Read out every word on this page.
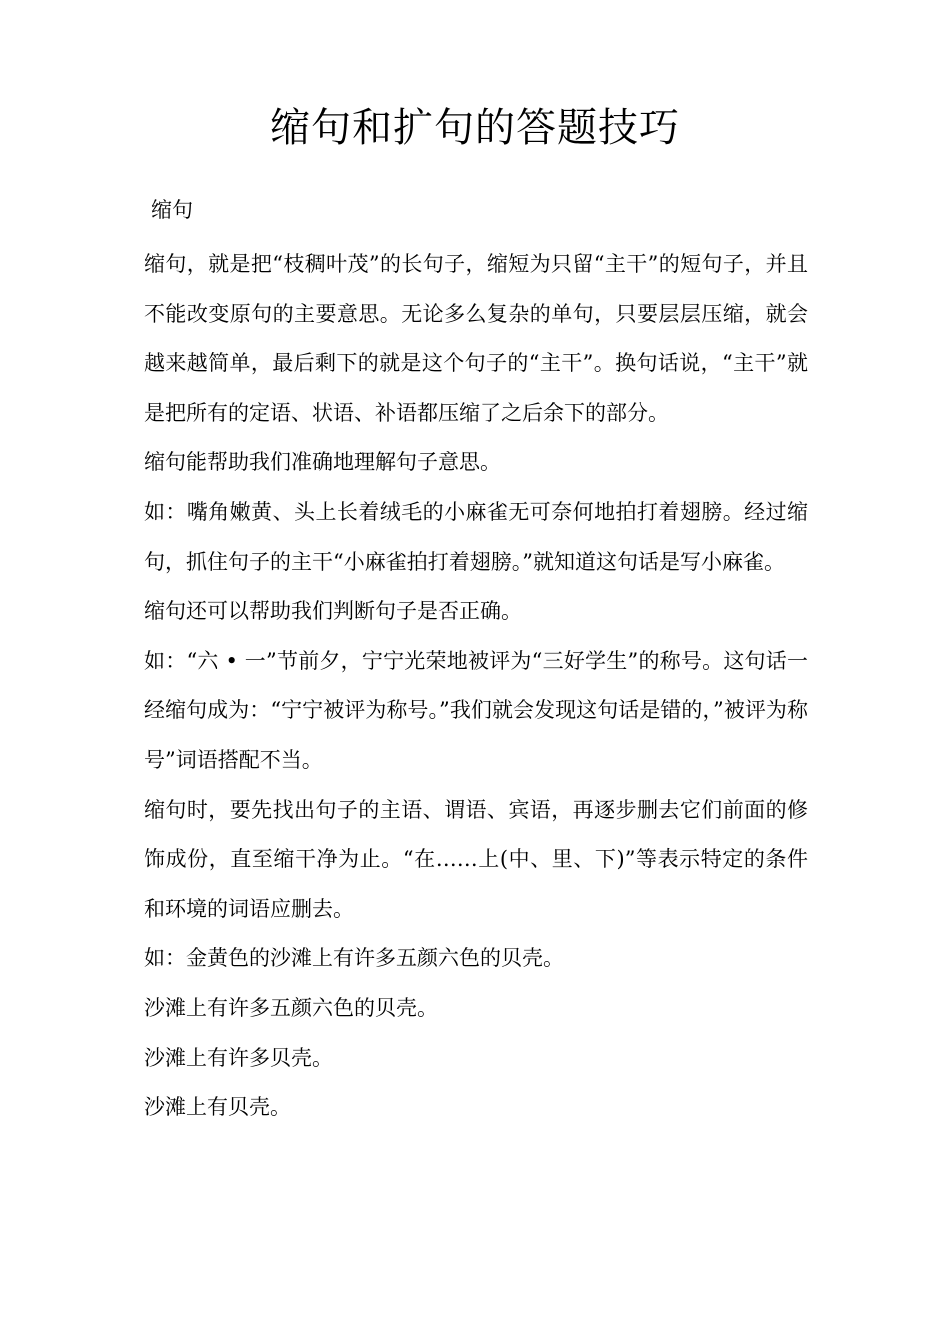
缩句和扩句的答题技巧

缩句

缩句，就是把“枝稠叶茂”的长句子，缩短为只留“主干”的短句子，并且不能改变原句的主要意思。无论多么复杂的单句，只要层层压缩，就会越来越简单，最后剩下的就是这个句子的“主干”。换句话说，“主干”就是把所有的定语、状语、补语都压缩了之后余下的部分。

缩句能帮助我们准确地理解句子意思。

如：嘴角嫩黄、头上长着绒毛的小麻雀无可奈何地拍打着翅膀。经过缩句，抓住句子的主干“小麻雀拍打着翅膀。”就知道这句话是写小麻雀。

缩句还可以帮助我们判断句子是否正确。

如：“六 • 一”节前夕，宁宁光荣地被评为“三好学生”的称号。这句话一经缩句成为：“宁宁被评为称号。”我们就会发现这句话是错的，”被评为称号”词语搭配不当。

缩句时，要先找出句子的主语、谓语、宾语，再逐步删去它们前面的修饰成份，直至缩干净为止。“在……上(中、里、下)”等表示特定的条件和环境的词语应删去。

如：金黄色的沙滩上有许多五颜六色的贝壳。

沙滩上有许多五颜六色的贝壳。

沙滩上有许多贝壳。

沙滩上有贝壳。
